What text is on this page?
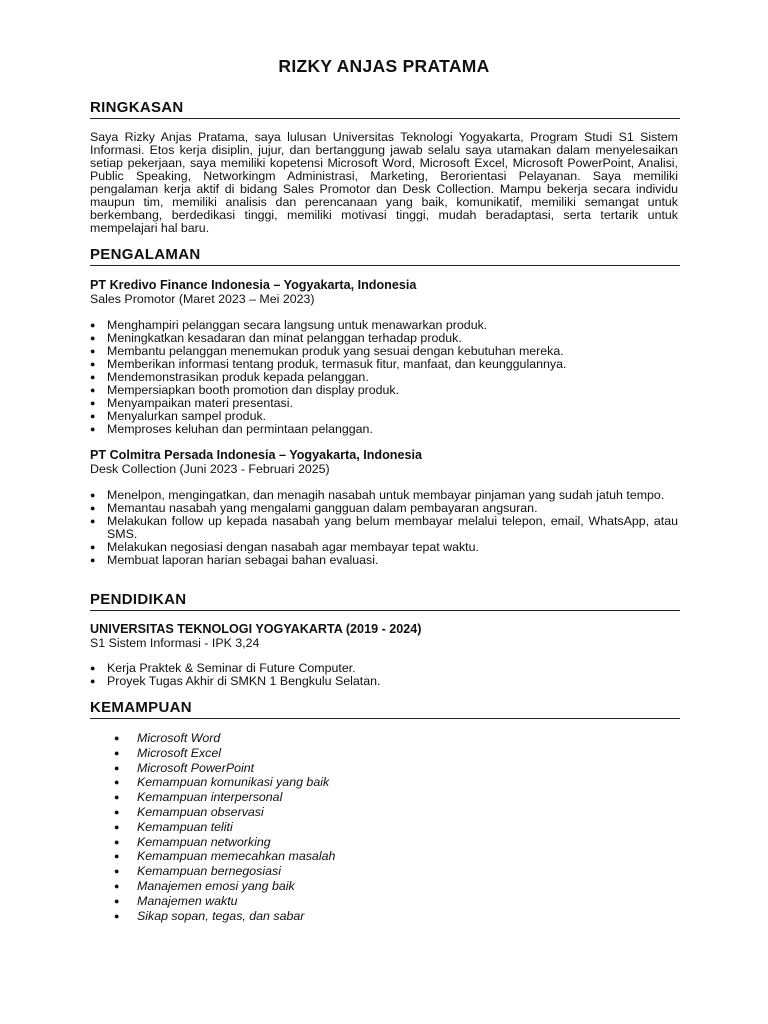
RIZKY ANJAS PRATAMA
RINGKASAN
Saya Rizky Anjas Pratama, saya lulusan Universitas Teknologi Yogyakarta, Program Studi S1 Sistem Informasi. Etos kerja disiplin, jujur, dan bertanggung jawab selalu saya utamakan dalam menyelesaikan setiap pekerjaan, saya memiliki kopetensi Microsoft Word, Microsoft Excel, Microsoft PowerPoint, Analisi, Public Speaking, Networkingm Administrasi, Marketing, Berorientasi Pelayanan. Saya memiliki pengalaman kerja aktif di bidang Sales Promotor dan Desk Collection. Mampu bekerja secara individu maupun tim, memiliki analisis dan perencanaan yang baik, komunikatif, memiliki semangat untuk berkembang, berdedikasi tinggi, memiliki motivasi tinggi, mudah beradaptasi, serta tertarik untuk mempelajari hal baru.
PENGALAMAN
PT Kredivo Finance Indonesia – Yogyakarta, Indonesia
Sales Promotor (Maret 2023 – Mei 2023)
● Menghampiri pelanggan secara langsung untuk menawarkan produk.
● Meningkatkan kesadaran dan minat pelanggan terhadap produk.
● Membantu pelanggan menemukan produk yang sesuai dengan kebutuhan mereka.
● Memberikan informasi tentang produk, termasuk fitur, manfaat, dan keunggulannya.
● Mendemonstrasikan produk kepada pelanggan.
● Mempersiapkan booth promotion dan display produk.
● Menyampaikan materi presentasi.
● Menyalurkan sampel produk.
● Memproses keluhan dan permintaan pelanggan.
PT Colmitra Persada Indonesia – Yogyakarta, Indonesia
Desk Collection (Juni 2023 - Februari 2025)
● Menelpon, mengingatkan, dan menagih nasabah untuk membayar pinjaman yang sudah jatuh tempo.
● Memantau nasabah yang mengalami gangguan dalam pembayaran angsuran.
● Melakukan follow up kepada nasabah yang belum membayar melalui telepon, email, WhatsApp, atau SMS.
● Melakukan negosiasi dengan nasabah agar membayar tepat waktu.
● Membuat laporan harian sebagai bahan evaluasi.
PENDIDIKAN
UNIVERSITAS TEKNOLOGI YOGYAKARTA (2019 - 2024)
S1 Sistem Informasi - IPK 3,24
● Kerja Praktek & Seminar di Future Computer.
● Proyek Tugas Akhir di SMKN 1 Bengkulu Selatan.
KEMAMPUAN
● Microsoft Word
● Microsoft Excel
● Microsoft PowerPoint
● Kemampuan komunikasi yang baik
● Kemampuan interpersonal
● Kemampuan observasi
● Kemampuan teliti
● Kemampuan networking
● Kemampuan memecahkan masalah
● Kemampuan bernegosiasi
● Manajemen emosi yang baik
● Manajemen waktu
● Sikap sopan, tegas, dan sabar
